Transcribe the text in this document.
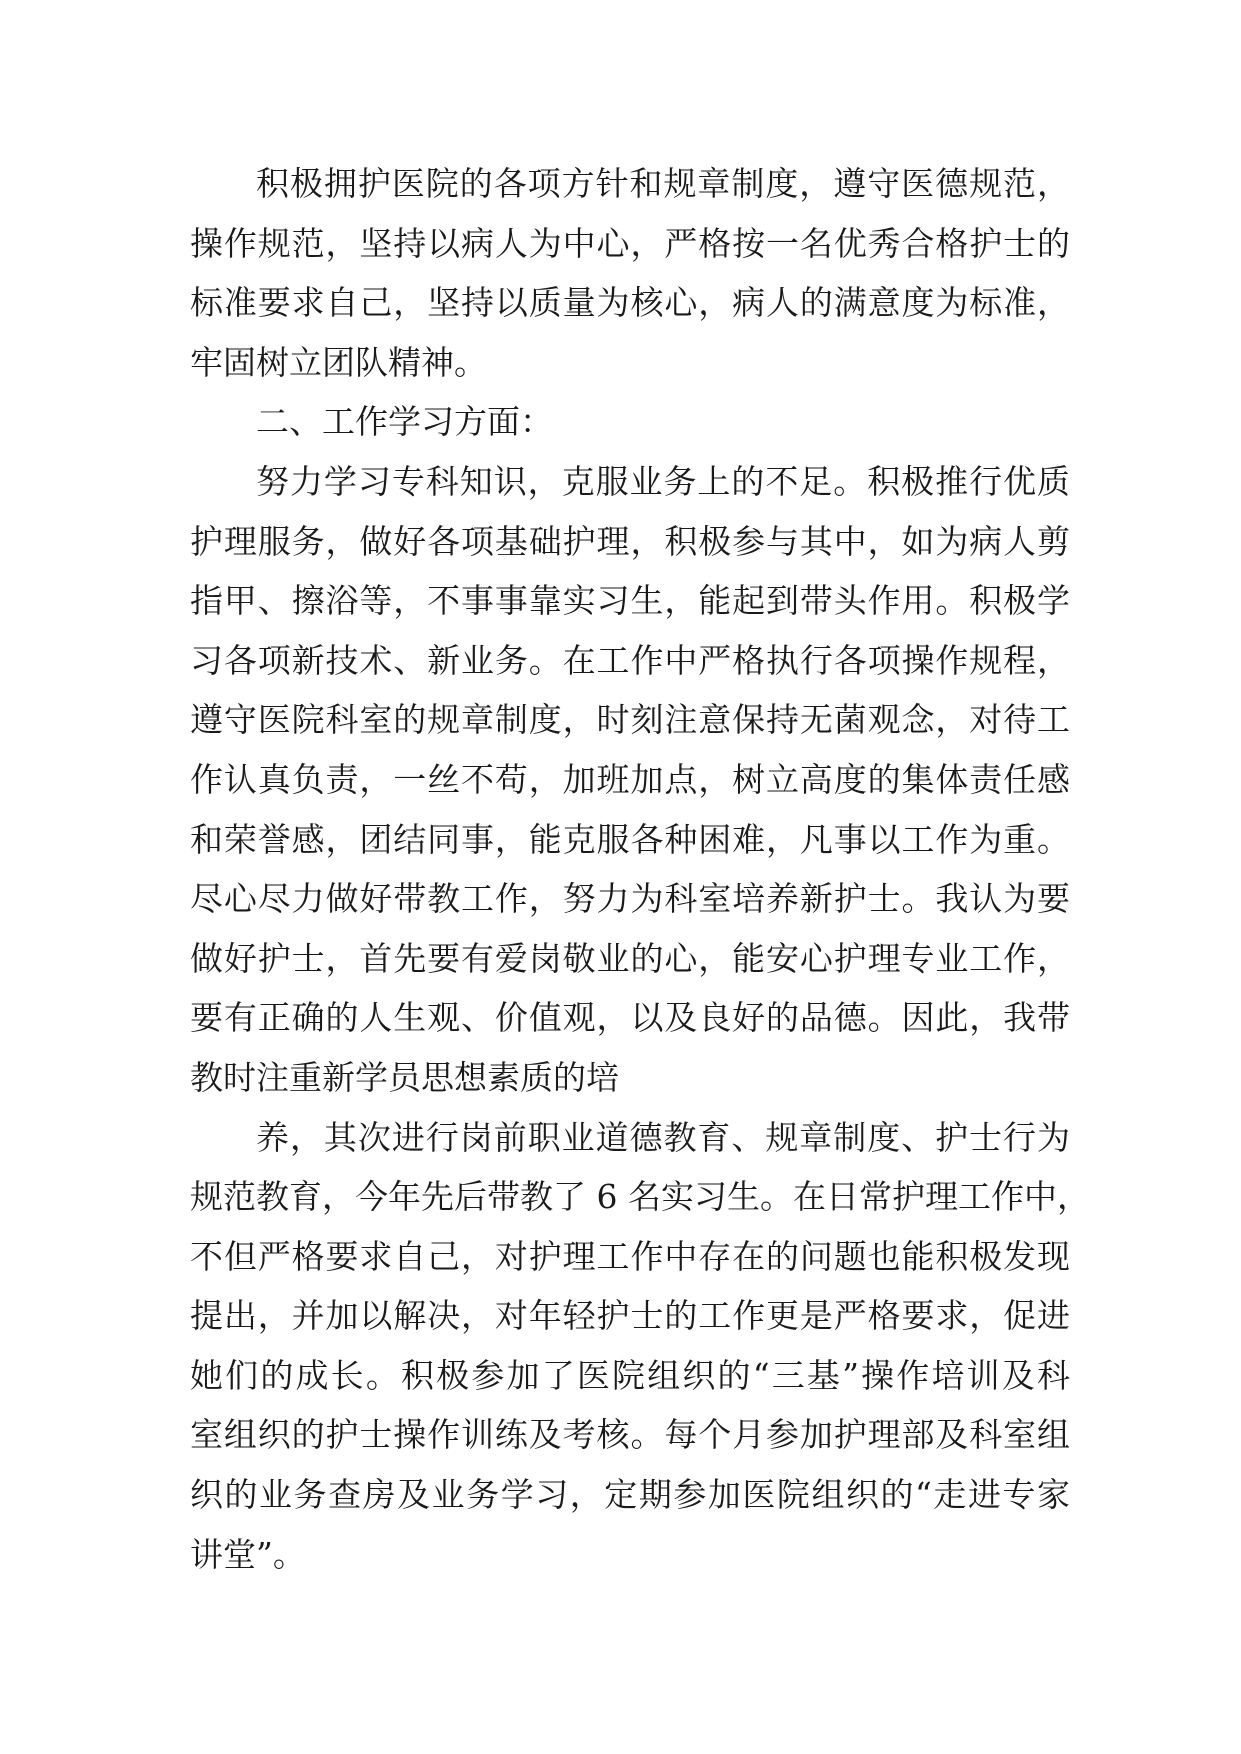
积极拥护医院的各项方针和规章制度，遵守医德规范，
操作规范，坚持以病人为中心，严格按一名优秀合格护士的
标准要求自己，坚持以质量为核心，病人的满意度为标准，
牢固树立团队精神。
二、工作学习方面：
努力学习专科知识，克服业务上的不足。积极推行优质
护理服务，做好各项基础护理，积极参与其中，如为病人剪
指甲、擦浴等，不事事靠实习生，能起到带头作用。积极学
习各项新技术、新业务。在工作中严格执行各项操作规程，
遵守医院科室的规章制度，时刻注意保持无菌观念，对待工
作认真负责，一丝不苟，加班加点，树立高度的集体责任感
和荣誉感，团结同事，能克服各种困难，凡事以工作为重。
尽心尽力做好带教工作，努力为科室培养新护士。我认为要
做好护士，首先要有爱岗敬业的心，能安心护理专业工作，
要有正确的人生观、价值观，以及良好的品德。因此，我带
教时注重新学员思想素质的培
养，其次进行岗前职业道德教育、规章制度、护士行为
规范教育，今年先后带教了 6 名实习生。在日常护理工作中，
不但严格要求自己，对护理工作中存在的问题也能积极发现
提出，并加以解决，对年轻护士的工作更是严格要求，促进
她们的成长。积极参加了医院组织的“三基”操作培训及科
室组织的护士操作训练及考核。每个月参加护理部及科室组
织的业务查房及业务学习，定期参加医院组织的“走进专家
讲堂”。
